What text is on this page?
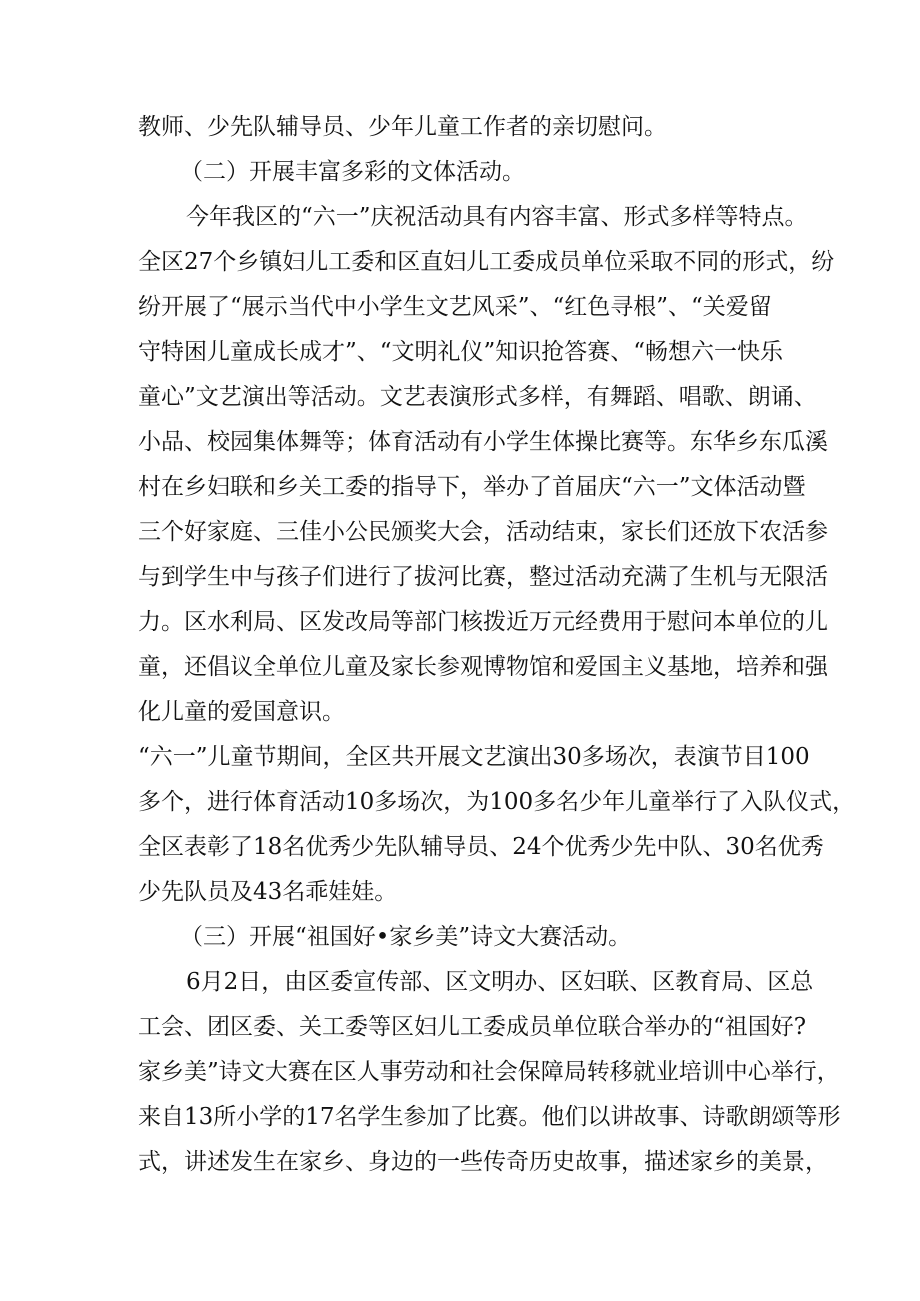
教师、少先队辅导员、少年儿童工作者的亲切慰问。

（二）开展丰富多彩的文体活动。

今年我区的“六一”庆祝活动具有内容丰富、形式多样等特点。

全区27个乡镇妇儿工委和区直妇儿工委成员单位采取不同的形式，纷

纷开展了“展示当代中小学生文艺风采”、“红色寻根”、“关爱留

守特困儿童成长成才”、“文明礼仪”知识抢答赛、“畅想六一快乐

童心”文艺演出等活动。文艺表演形式多样，有舞蹈、唱歌、朗诵、

小品、校园集体舞等；体育活动有小学生体操比赛等。东华乡东瓜溪

村在乡妇联和乡关工委的指导下，举办了首届庆“六一”文体活动暨

三个好家庭、三佳小公民颁奖大会，活动结束，家长们还放下农活参

与到学生中与孩子们进行了拔河比赛，整过活动充满了生机与无限活

力。区水利局、区发改局等部门核拨近万元经费用于慰问本单位的儿

童，还倡议全单位儿童及家长参观博物馆和爱国主义基地，培养和强

化儿童的爱国意识。

“六一”儿童节期间，全区共开展文艺演出30多场次，表演节目100

多个，进行体育活动10多场次，为100多名少年儿童举行了入队仪式，

全区表彰了18名优秀少先队辅导员、24个优秀少先中队、30名优秀

少先队员及43名乖娃娃。

（三）开展“祖国好•家乡美”诗文大赛活动。

6月2日，由区委宣传部、区文明办、区妇联、区教育局、区总

工会、团区委、关工委等区妇儿工委成员单位联合举办的“祖国好?

家乡美”诗文大赛在区人事劳动和社会保障局转移就业培训中心举行，

来自13所小学的17名学生参加了比赛。他们以讲故事、诗歌朗颂等形

式，讲述发生在家乡、身边的一些传奇历史故事，描述家乡的美景，
